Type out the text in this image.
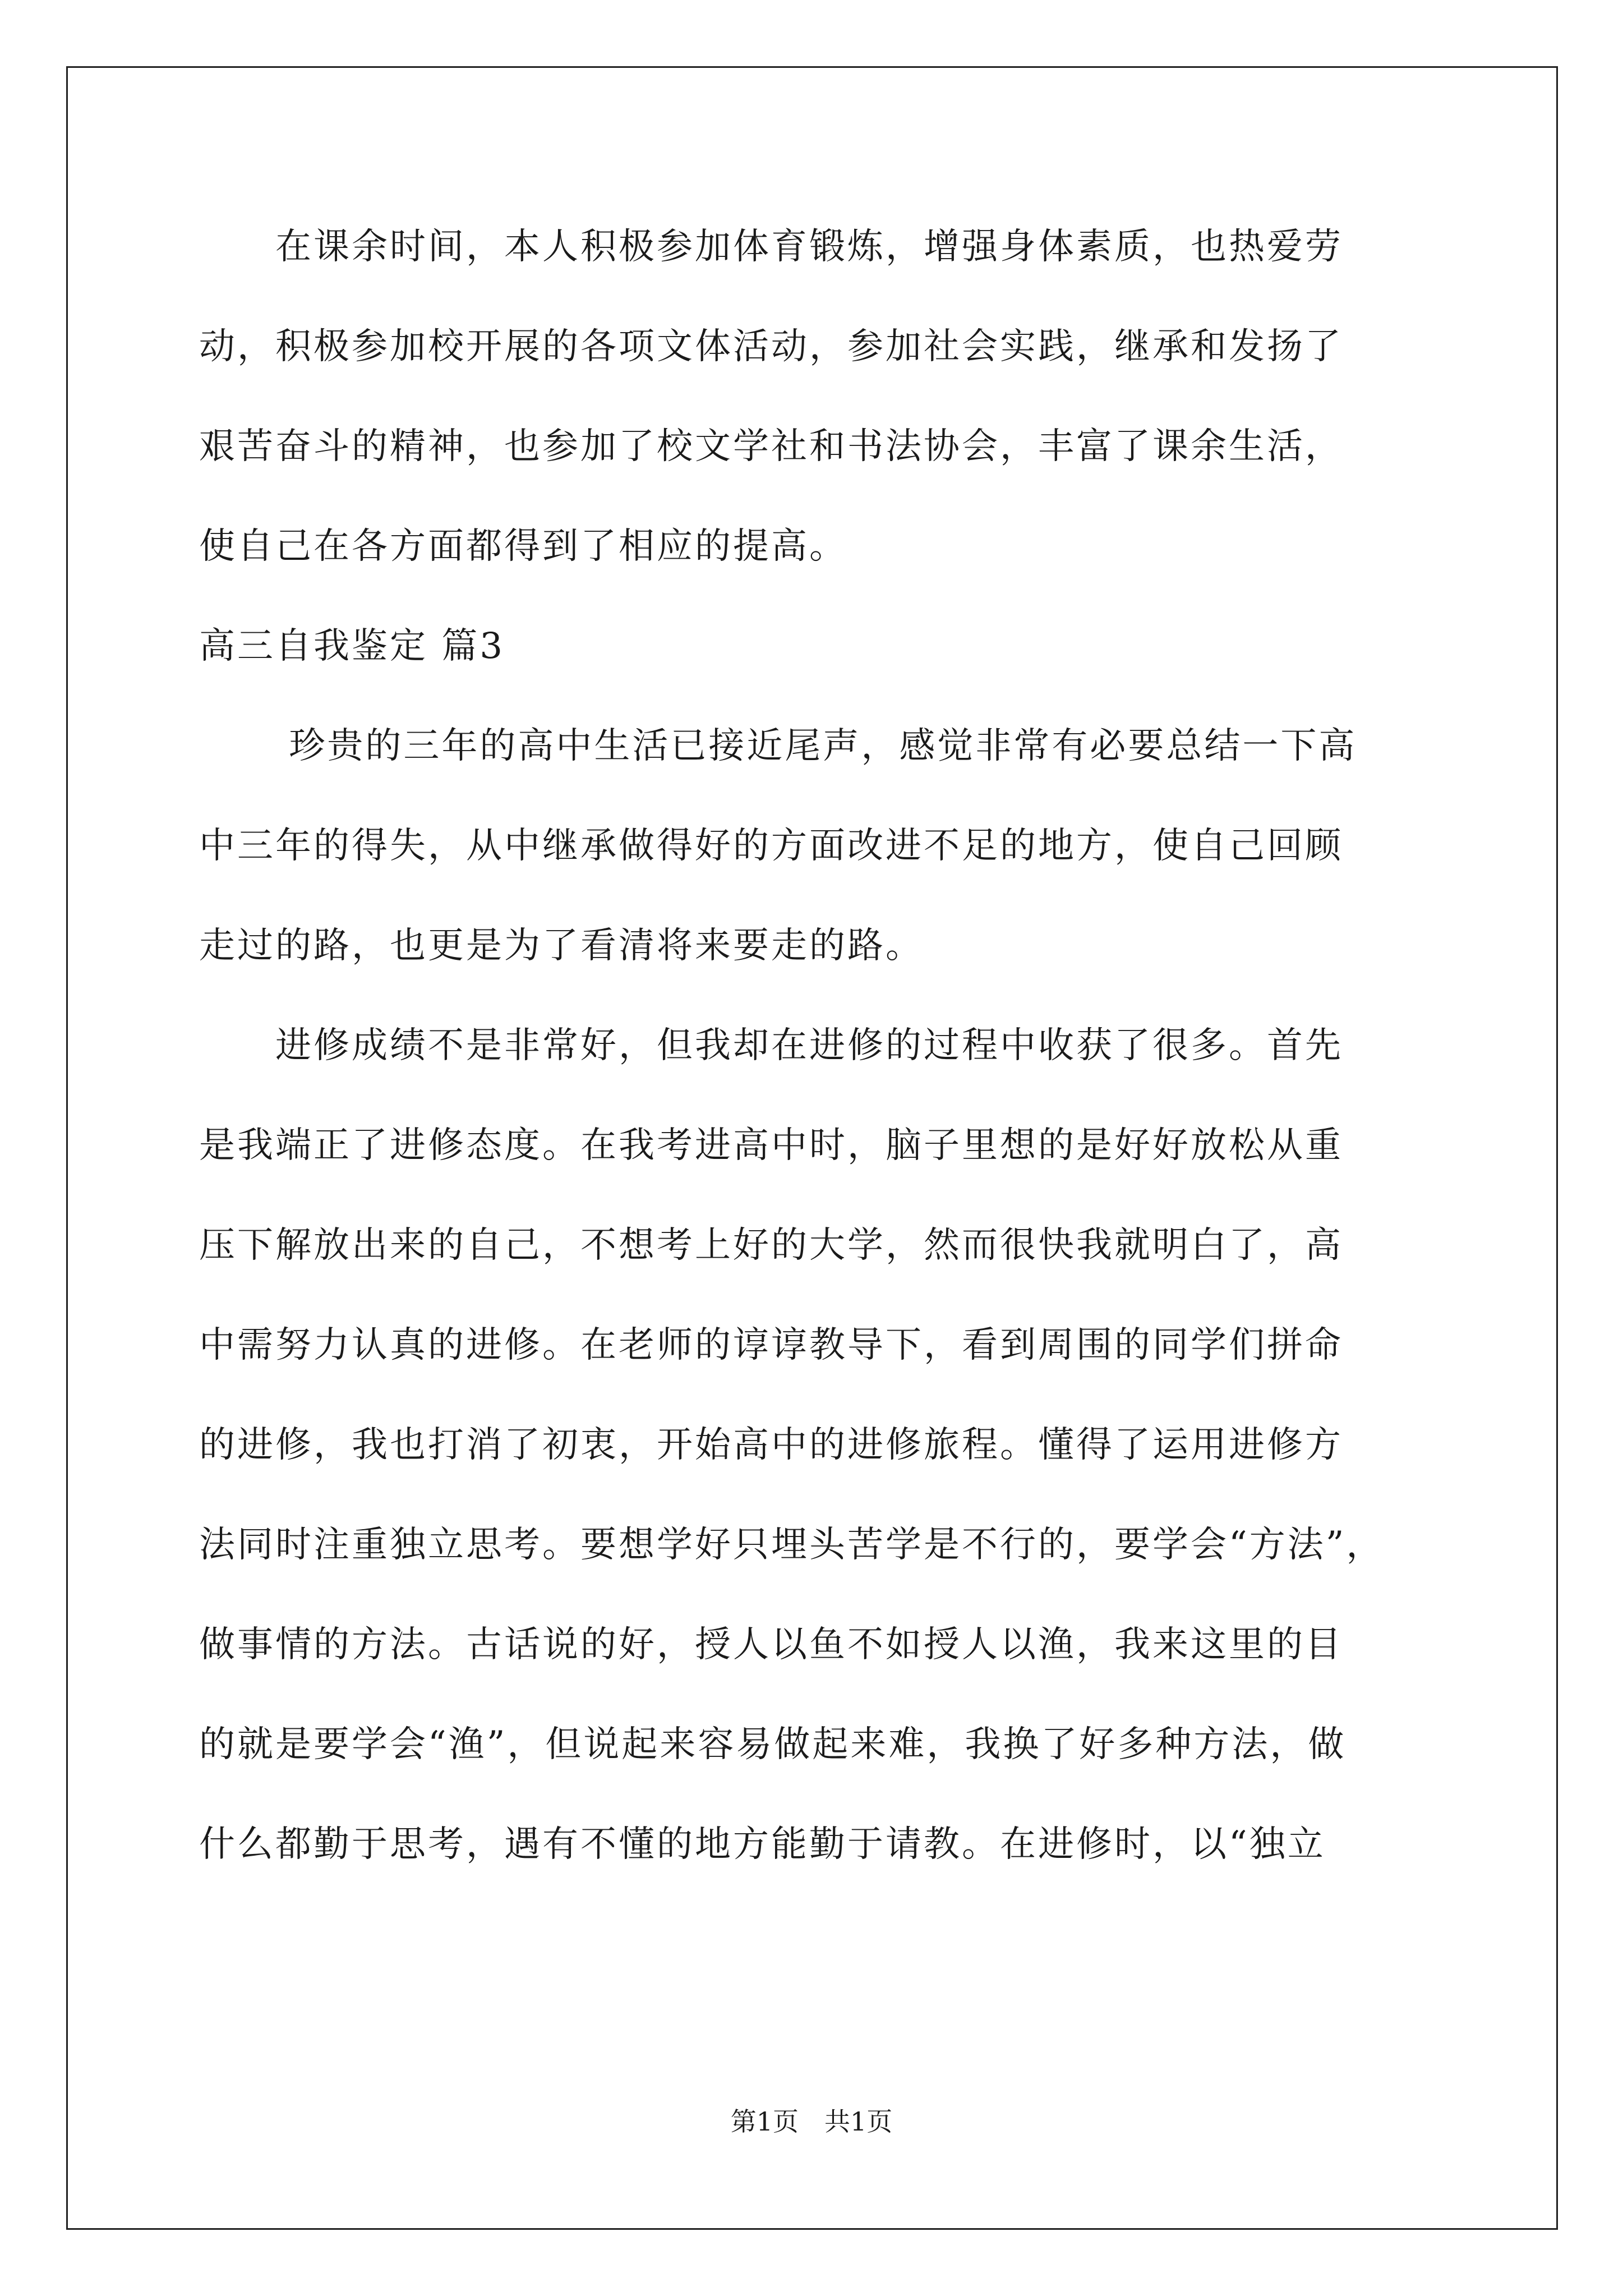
　　在课余时间，本人积极参加体育锻炼，增强身体素质，也热爱劳
动，积极参加校开展的各项文体活动，参加社会实践，继承和发扬了
艰苦奋斗的精神，也参加了校文学社和书法协会，丰富了课余生活，
使自己在各方面都得到了相应的提高。
高三自我鉴定 篇3
　　 珍贵的三年的高中生活已接近尾声，感觉非常有必要总结一下高
中三年的得失，从中继承做得好的方面改进不足的地方，使自己回顾
走过的路，也更是为了看清将来要走的路。
　　进修成绩不是非常好，但我却在进修的过程中收获了很多。首先
是我端正了进修态度。在我考进高中时，脑子里想的是好好放松从重
压下解放出来的自己，不想考上好的大学，然而很快我就明白了，高
中需努力认真的进修。在老师的谆谆教导下，看到周围的同学们拼命
的进修，我也打消了初衷，开始高中的进修旅程。懂得了运用进修方
法同时注重独立思考。要想学好只埋头苦学是不行的，要学会“方法”，
做事情的方法。古话说的好，授人以鱼不如授人以渔，我来这里的目
的就是要学会“渔”，但说起来容易做起来难，我换了好多种方法，做
什么都勤于思考，遇有不懂的地方能勤于请教。在进修时，以“独立
第1页　共1页
